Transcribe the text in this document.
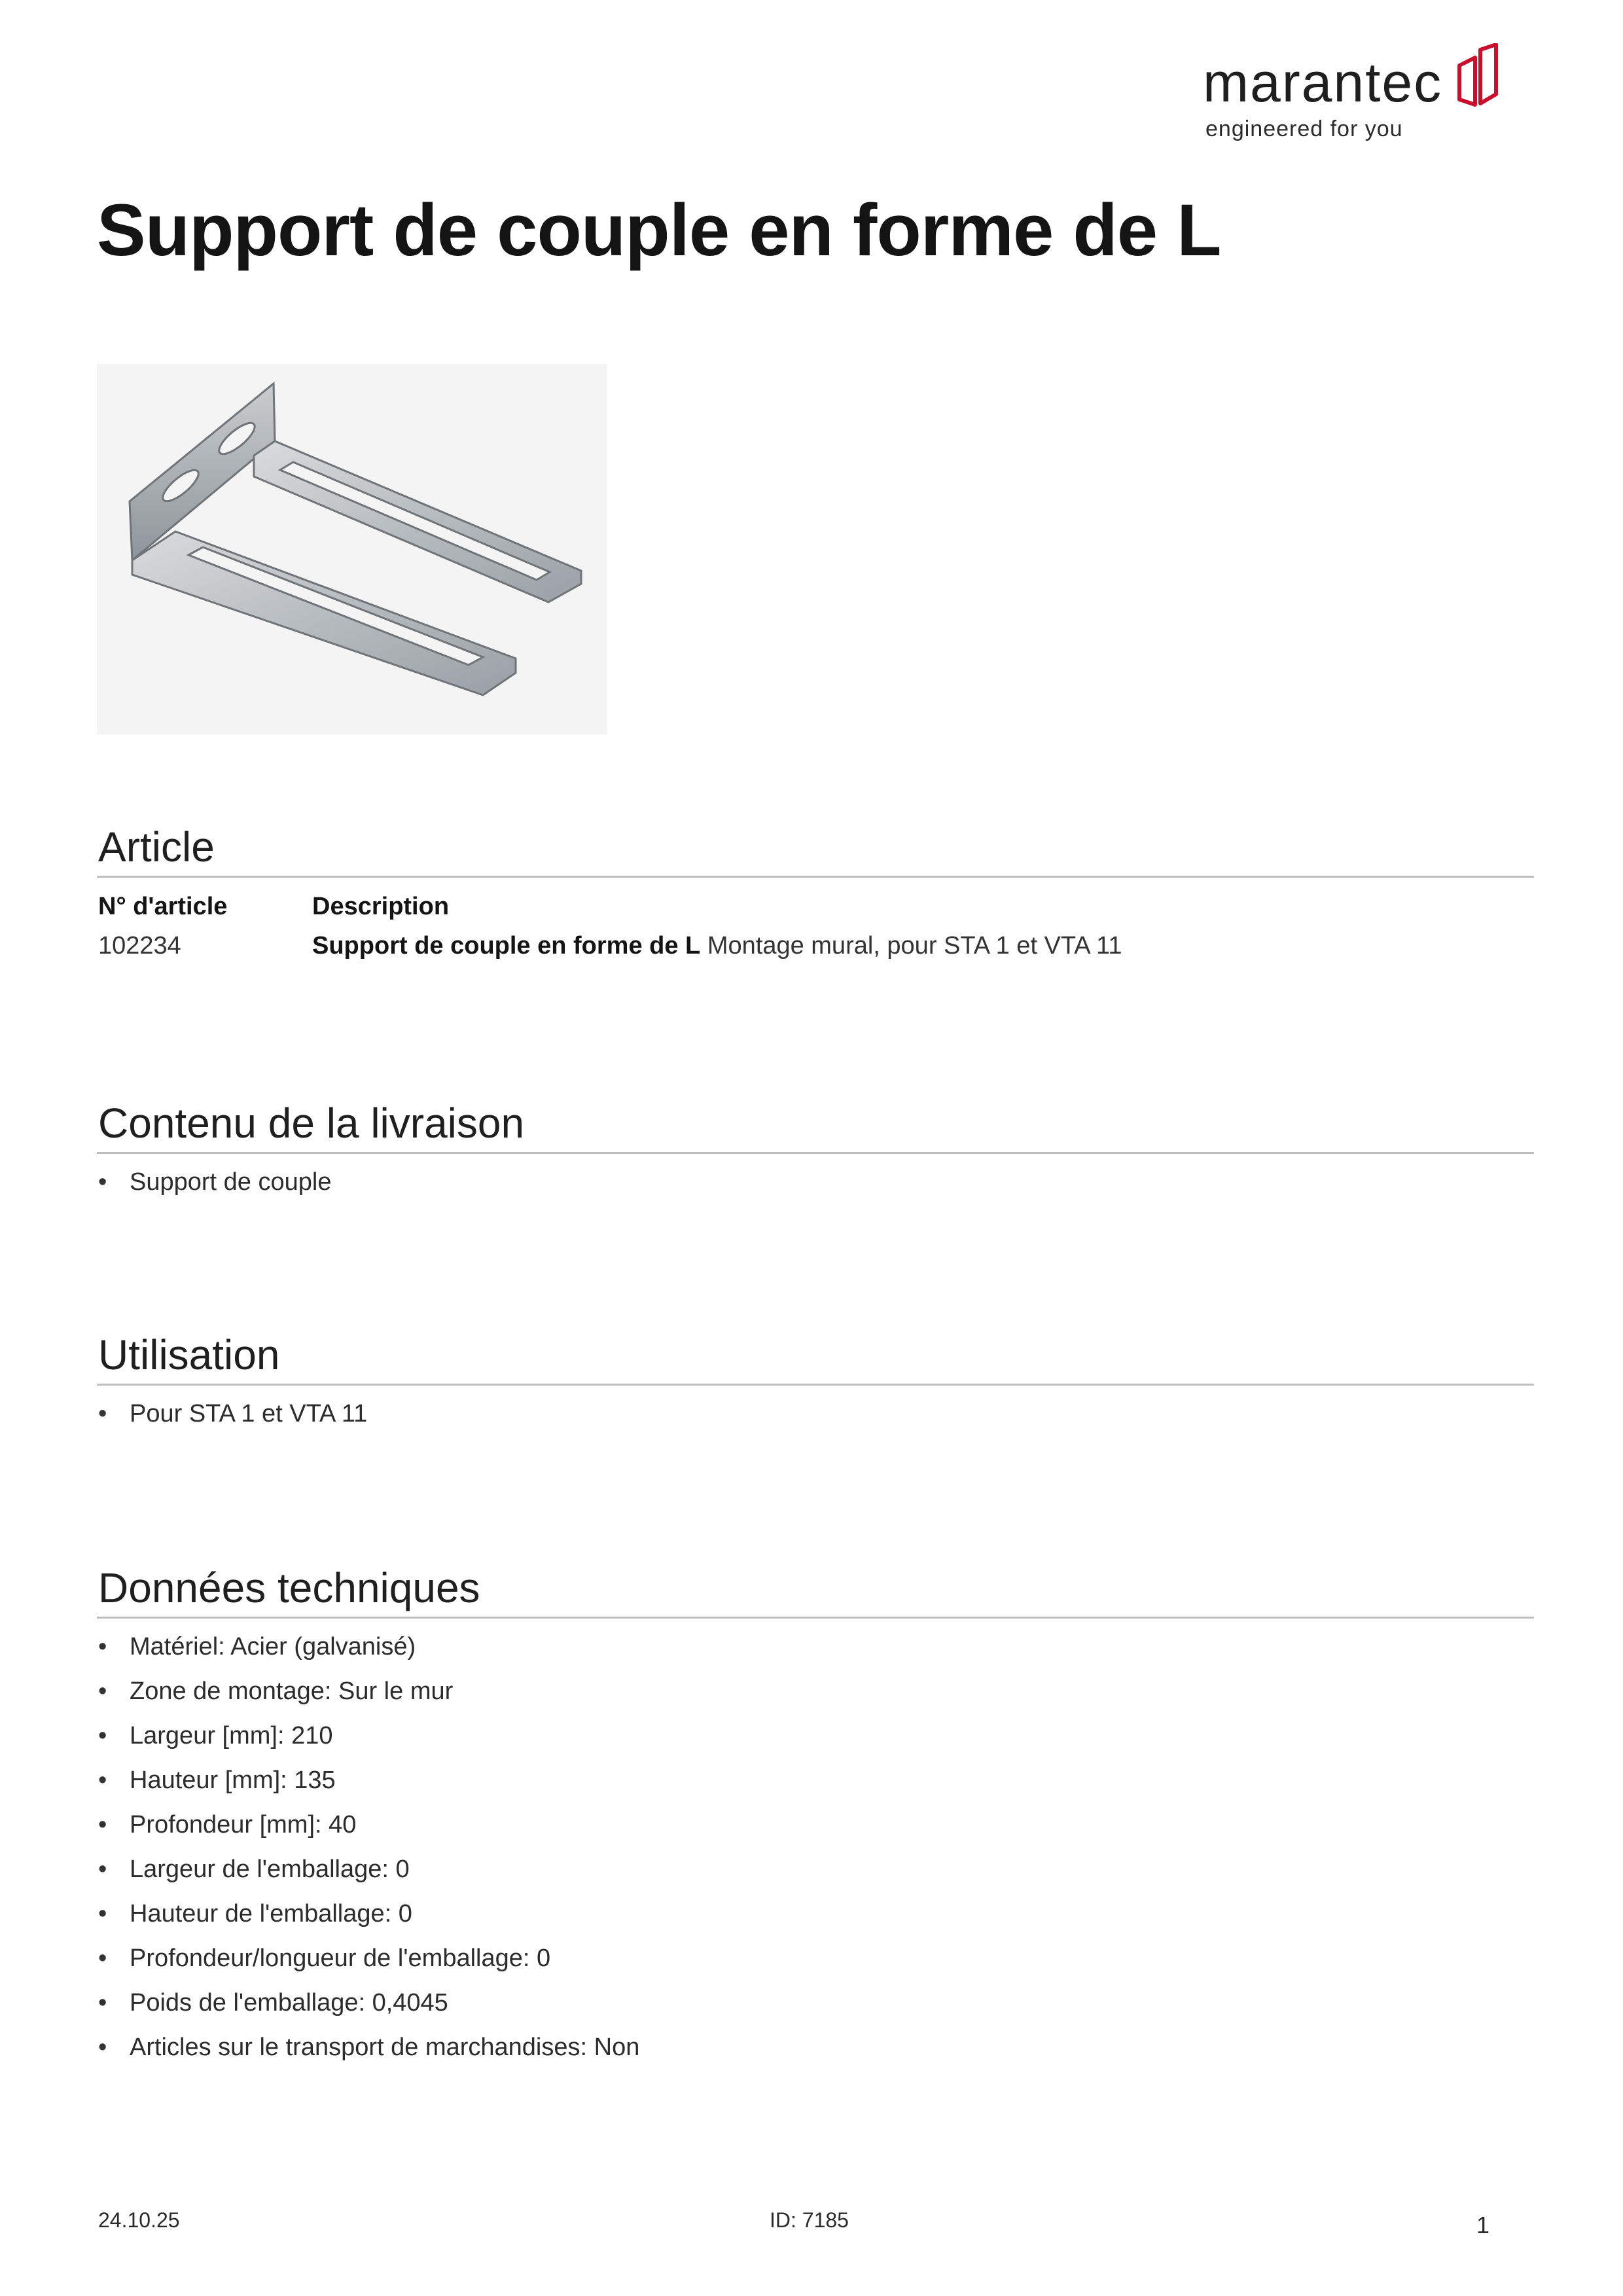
marantec
engineered for you
Support de couple en forme de L
Article
N° d'article	Description
102234	Support de couple en forme de L Montage mural, pour STA 1 et VTA 11
Contenu de la livraison
• Support de couple
Utilisation
• Pour STA 1 et VTA 11
Données techniques
• Matériel: Acier (galvanisé)
• Zone de montage: Sur le mur
• Largeur [mm]: 210
• Hauteur [mm]: 135
• Profondeur [mm]: 40
• Largeur de l'emballage: 0
• Hauteur de l'emballage: 0
• Profondeur/longueur de l'emballage: 0
• Poids de l'emballage: 0,4045
• Articles sur le transport de marchandises: Non
24.10.25	ID: 7185	1
